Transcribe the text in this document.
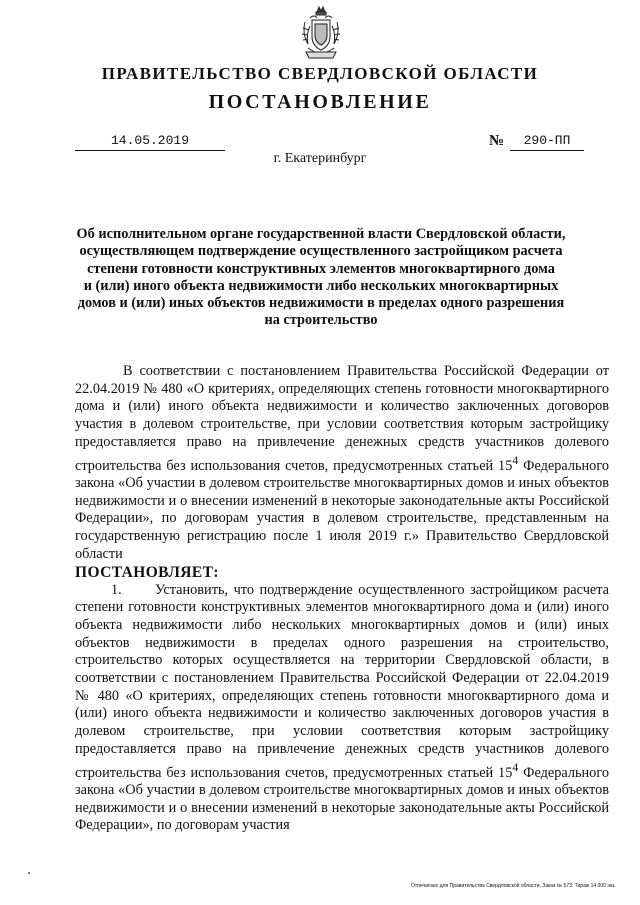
ПРАВИТЕЛЬСТВО СВЕРДЛОВСКОЙ ОБЛАСТИ
ПОСТАНОВЛЕНИЕ
14.05.2019	№	290-ПП
г. Екатеринбург
Об исполнительном органе государственной власти Свердловской области,
осуществляющем подтверждение осуществленного застройщиком расчета
степени готовности конструктивных элементов многоквартирного дома
и (или) иного объекта недвижимости либо нескольких многоквартирных
домов и (или) иных объектов недвижимости в пределах одного разрешения
на строительство

В соответствии с постановлением Правительства Российской Федерации от 22.04.2019 № 480 «О критериях, определяющих степень готовности многоквартирного дома и (или) иного объекта недвижимости и количество заключенных договоров участия в долевом строительстве, при условии соответствия которым застройщику предоставляется право на привлечение денежных средств участников долевого строительства без использования счетов, предусмотренных статьей $15^4$ Федерального закона «Об участии в долевом строительстве многоквартирных домов и иных объектов недвижимости и о внесении изменений в некоторые законодательные акты Российской Федерации», по договорам участия в долевом строительстве, представленным на государственную регистрацию после 1 июля 2019 г.» Правительство Свердловской области

ПОСТАНОВЛЯЕТ:

1. Установить, что подтверждение осуществленного застройщиком расчета степени готовности конструктивных элементов многоквартирного дома и (или) иного объекта недвижимости либо нескольких многоквартирных домов и (или) иных объектов недвижимости в пределах одного разрешения на строительство, строительство которых осуществляется на территории Свердловской области, в соответствии с постановлением Правительства Российской Федерации от 22.04.2019 № 480 «О критериях, определяющих степень готовности многоквартирного дома и (или) иного объекта недвижимости и количество заключенных договоров участия в долевом строительстве, при условии соответствия которым застройщику предоставляется право на привлечение денежных средств участников долевого строительства без использования счетов, предусмотренных статьей $15^4$ Федерального закона «Об участии в долевом строительстве многоквартирных домов и иных объектов недвижимости и о внесении изменений в некоторые законодательные акты Российской Федерации», по договорам участия

Отпечатано для Правительства Свердловской области. Заказ № 573. Тираж 14 000 экз.
